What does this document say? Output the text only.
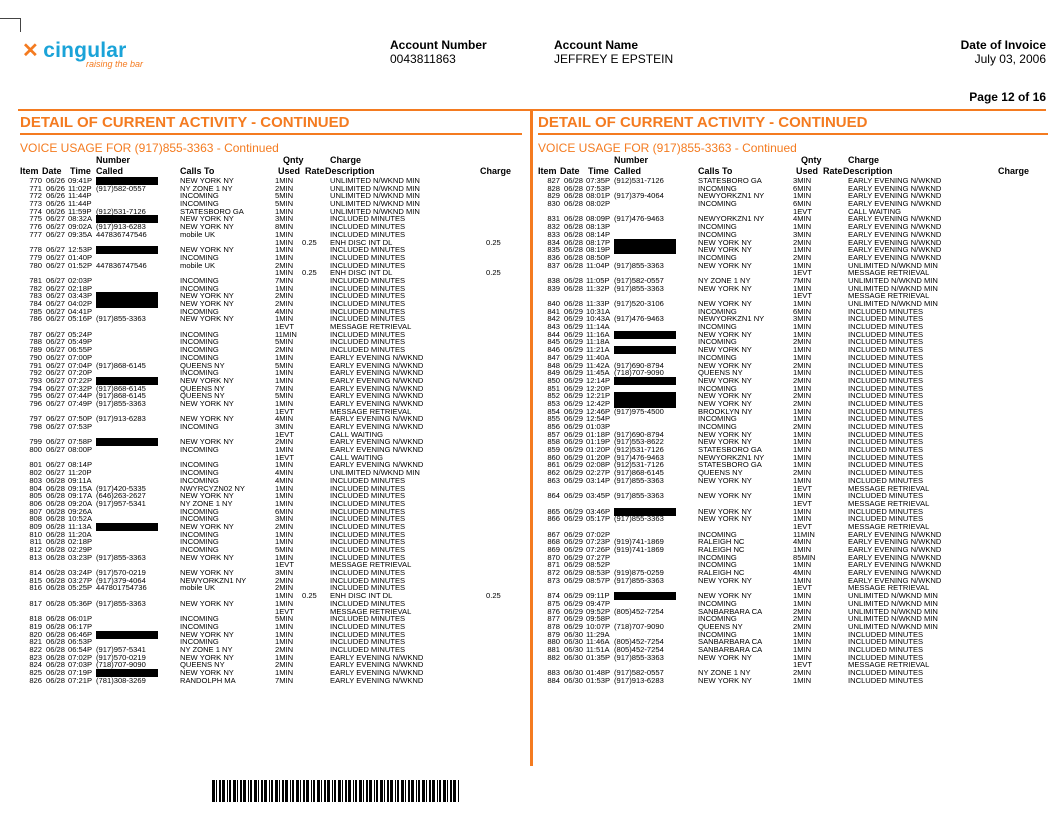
✕ cingular
raising the bar
Account Number
0043811863
Account Name
JEFFREY E EPSTEIN
Date of Invoice
July 03, 2006
Page 12 of 16
DETAIL OF CURRENT ACTIVITY - CONTINUED
VOICE USAGE FOR (917)855-3363 - Continued
Number	Qnty	Charge
Item Date Time Called	Calls To	Used Rate Description	Charge
770 06/26 09:41P	NEW YORK NY	1MIN	UNLIMITED N/WKND MIN
771 06/26 11:02P (917)582-0557	NY ZONE 1 NY	2MIN	UNLIMITED N/WKND MIN
772 06/26 11:44P	INCOMING	5MIN	UNLIMITED N/WKND MIN
773 06/26 11:44P	INCOMING	5MIN	UNLIMITED N/WKND MIN
774 06/26 11:59P (912)531-7126	STATESBORO GA	1MIN	UNLIMITED N/WKND MIN
775 06/27 08:32A	NEW YORK NY	3MIN	INCLUDED MINUTES
776 06/27 09:02A (917)913-6283	NEW YORK NY	8MIN	INCLUDED MINUTES
777 06/27 09:35A 447836747546	mobile UK	1MIN	INCLUDED MINUTES
1MIN 0.25 ENH DISC INT DL	0.25
778 06/27 12:53P	NEW YORK NY	1MIN	INCLUDED MINUTES
779 06/27 01:40P	INCOMING	1MIN	INCLUDED MINUTES
780 06/27 01:52P 447836747546	mobile UK	2MIN	INCLUDED MINUTES
1MIN 0.25 ENH DISC INT DL	0.25
781 06/27 02:03P	INCOMING	7MIN	INCLUDED MINUTES
782 06/27 02:18P	INCOMING	1MIN	INCLUDED MINUTES
783 06/27 03:43P	NEW YORK NY	2MIN	INCLUDED MINUTES
784 06/27 04:02P	NEW YORK NY	2MIN	INCLUDED MINUTES
785 06/27 04:41P	INCOMING	4MIN	INCLUDED MINUTES
786 06/27 05:16P (917)855-3363	NEW YORK NY	1MIN	INCLUDED MINUTES
1EVT	MESSAGE RETRIEVAL
787 06/27 05:24P	INCOMING	11MIN	INCLUDED MINUTES
788 06/27 05:49P	INCOMING	5MIN	INCLUDED MINUTES
789 06/27 06:55P	INCOMING	2MIN	INCLUDED MINUTES
790 06/27 07:00P	INCOMING	1MIN	EARLY EVENING N/WKND
791 06/27 07:04P (917)868-6145	QUEENS NY	5MIN	EARLY EVENING N/WKND
792 06/27 07:20P	INCOMING	1MIN	EARLY EVENING N/WKND
793 06/27 07:22P	NEW YORK NY	1MIN	EARLY EVENING N/WKND
794 06/27 07:32P (917)868-6145	QUEENS NY	7MIN	EARLY EVENING N/WKND
795 06/27 07:44P (917)868-6145	QUEENS NY	5MIN	EARLY EVENING N/WKND
796 06/27 07:49P (917)855-3363	NEW YORK NY	1MIN	EARLY EVENING N/WKND
1EVT	MESSAGE RETRIEVAL
797 06/27 07:50P (917)913-6283	NEW YORK NY	4MIN	EARLY EVENING N/WKND
798 06/27 07:53P	INCOMING	3MIN	EARLY EVENING N/WKND
1EVT	CALL WAITING
799 06/27 07:58P	NEW YORK NY	2MIN	EARLY EVENING N/WKND
800 06/27 08:00P	INCOMING	1MIN	EARLY EVENING N/WKND
1EVT	CALL WAITING
801 06/27 08:14P	INCOMING	1MIN	EARLY EVENING N/WKND
802 06/27 11:20P	INCOMING	4MIN	UNLIMITED N/WKND MIN
803 06/28 09:11A	INCOMING	4MIN	INCLUDED MINUTES
804 06/28 09:15A (917)420-5335	NWYRCYZN02 NY	1MIN	INCLUDED MINUTES
805 06/28 09:17A (646)263-2627	NEW YORK NY	1MIN	INCLUDED MINUTES
806 06/28 09:20A (917)957-5341	NY ZONE 1 NY	1MIN	INCLUDED MINUTES
807 06/28 09:26A	INCOMING	6MIN	INCLUDED MINUTES
808 06/28 10:52A	INCOMING	3MIN	INCLUDED MINUTES
809 06/28 11:13A	NEW YORK NY	2MIN	INCLUDED MINUTES
810 06/28 11:20A	INCOMING	1MIN	INCLUDED MINUTES
811 06/28 02:18P	INCOMING	1MIN	INCLUDED MINUTES
812 06/28 02:29P	INCOMING	5MIN	INCLUDED MINUTES
813 06/28 03:23P (917)855-3363	NEW YORK NY	1MIN	INCLUDED MINUTES
1EVT	MESSAGE RETRIEVAL
814 06/28 03:24P (917)570-0219	NEW YORK NY	3MIN	INCLUDED MINUTES
815 06/28 03:27P (917)379-4064	NEWYORKZN1 NY	2MIN	INCLUDED MINUTES
816 06/28 05:25P 447801754736	mobile UK	2MIN	INCLUDED MINUTES
1MIN 0.25 ENH DISC INT DL	0.25
817 06/28 05:36P (917)855-3363	NEW YORK NY	1MIN	INCLUDED MINUTES
1EVT	MESSAGE RETRIEVAL
818 06/28 06:01P	INCOMING	5MIN	INCLUDED MINUTES
819 06/28 06:17P	INCOMING	1MIN	INCLUDED MINUTES
820 06/28 06:46P	NEW YORK NY	1MIN	INCLUDED MINUTES
821 06/28 06:53P	INCOMING	1MIN	INCLUDED MINUTES
822 06/28 06:54P (917)957-5341	NY ZONE 1 NY	2MIN	INCLUDED MINUTES
823 06/28 07:02P (917)570-0219	NEW YORK NY	1MIN	EARLY EVENING N/WKND
824 06/28 07:03P (718)707-9090	QUEENS NY	2MIN	EARLY EVENING N/WKND
825 06/28 07:19P	NEW YORK NY	1MIN	EARLY EVENING N/WKND
826 06/28 07:21P (781)308-3269	RANDOLPH MA	7MIN	EARLY EVENING N/WKND
DETAIL OF CURRENT ACTIVITY - CONTINUED
VOICE USAGE FOR (917)855-3363 - Continued
Number	Qnty	Charge
Item Date Time Called	Calls To	Used Rate Description	Charge
827 06/28 07:35P (912)531-7126	STATESBORO GA	3MIN	EARLY EVENING N/WKND
828 06/28 07:53P	INCOMING	6MIN	EARLY EVENING N/WKND
829 06/28 08:01P (917)379-4064	NEWYORKZN1 NY	1MIN	EARLY EVENING N/WKND
830 06/28 08:02P	INCOMING	6MIN	EARLY EVENING N/WKND
1EVT	CALL WAITING
831 06/28 08:09P (917)476-9463	NEWYORKZN1 NY	4MIN	EARLY EVENING N/WKND
832 06/28 08:13P	INCOMING	1MIN	EARLY EVENING N/WKND
833 06/28 08:14P	INCOMING	3MIN	EARLY EVENING N/WKND
834 06/28 08:17P	NEW YORK NY	2MIN	EARLY EVENING N/WKND
835 06/28 08:19P	NEW YORK NY	1MIN	EARLY EVENING N/WKND
836 06/28 08:50P	INCOMING	2MIN	EARLY EVENING N/WKND
837 06/28 11:04P (917)855-3363	NEW YORK NY	1MIN	UNLIMITED N/WKND MIN
1EVT	MESSAGE RETRIEVAL
838 06/28 11:05P (917)582-0557	NY ZONE 1 NY	7MIN	UNLIMITED N/WKND MIN
839 06/28 11:32P (917)855-3363	NEW YORK NY	1MIN	UNLIMITED N/WKND MIN
1EVT	MESSAGE RETRIEVAL
840 06/28 11:33P (917)520-3106	NEW YORK NY	1MIN	UNLIMITED N/WKND MIN
841 06/29 10:31A	INCOMING	6MIN	INCLUDED MINUTES
842 06/29 10:43A (917)476-9463	NEWYORKZN1 NY	3MIN	INCLUDED MINUTES
843 06/29 11:14A	INCOMING	1MIN	INCLUDED MINUTES
844 06/29 11:16A	NEW YORK NY	1MIN	INCLUDED MINUTES
845 06/29 11:18A	INCOMING	2MIN	INCLUDED MINUTES
846 06/29 11:21A	NEW YORK NY	1MIN	INCLUDED MINUTES
847 06/29 11:40A	INCOMING	1MIN	INCLUDED MINUTES
848 06/29 11:42A (917)690-8794	NEW YORK NY	2MIN	INCLUDED MINUTES
849 06/29 11:45A (718)707-9090	QUEENS NY	1MIN	INCLUDED MINUTES
850 06/29 12:14P	NEW YORK NY	2MIN	INCLUDED MINUTES
851 06/29 12:20P	INCOMING	1MIN	INCLUDED MINUTES
852 06/29 12:21P	NEW YORK NY	2MIN	INCLUDED MINUTES
853 06/29 12:42P	NEW YORK NY	2MIN	INCLUDED MINUTES
854 06/29 12:46P (917)975-4500	BROOKLYN NY	1MIN	INCLUDED MINUTES
855 06/29 12:54P	INCOMING	1MIN	INCLUDED MINUTES
856 06/29 01:03P	INCOMING	2MIN	INCLUDED MINUTES
857 06/29 01:18P (917)690-8794	NEW YORK NY	1MIN	INCLUDED MINUTES
858 06/29 01:19P (917)553-8622	NEW YORK NY	1MIN	INCLUDED MINUTES
859 06/29 01:20P (912)531-7126	STATESBORO GA	1MIN	INCLUDED MINUTES
860 06/29 01:20P (917)476-9463	NEWYORKZN1 NY	1MIN	INCLUDED MINUTES
861 06/29 02:08P (912)531-7126	STATESBORO GA	1MIN	INCLUDED MINUTES
862 06/29 02:27P (917)868-6145	QUEENS NY	2MIN	INCLUDED MINUTES
863 06/29 03:14P (917)855-3363	NEW YORK NY	1MIN	INCLUDED MINUTES
1EVT	MESSAGE RETRIEVAL
864 06/29 03:45P (917)855-3363	NEW YORK NY	1MIN	INCLUDED MINUTES
1EVT	MESSAGE RETRIEVAL
865 06/29 03:46P	NEW YORK NY	1MIN	INCLUDED MINUTES
866 06/29 05:17P (917)855-3363	NEW YORK NY	1MIN	INCLUDED MINUTES
1EVT	MESSAGE RETRIEVAL
867 06/29 07:02P	INCOMING	11MIN	EARLY EVENING N/WKND
868 06/29 07:23P (919)741-1869	RALEIGH NC	4MIN	EARLY EVENING N/WKND
869 06/29 07:26P (919)741-1869	RALEIGH NC	1MIN	EARLY EVENING N/WKND
870 06/29 07:27P	INCOMING	85MIN	EARLY EVENING N/WKND
871 06/29 08:52P	INCOMING	1MIN	EARLY EVENING N/WKND
872 06/29 08:53P (919)875-0259	RALEIGH NC	4MIN	EARLY EVENING N/WKND
873 06/29 08:57P (917)855-3363	NEW YORK NY	1MIN	EARLY EVENING N/WKND
1EVT	MESSAGE RETRIEVAL
874 06/29 09:11P	NEW YORK NY	1MIN	UNLIMITED N/WKND MIN
875 06/29 09:47P	INCOMING	1MIN	UNLIMITED N/WKND MIN
876 06/29 09:52P (805)452-7254	SANBARBARA CA	2MIN	UNLIMITED N/WKND MIN
877 06/29 09:58P	INCOMING	2MIN	UNLIMITED N/WKND MIN
878 06/29 10:07P (718)707-9090	QUEENS NY	2MIN	UNLIMITED N/WKND MIN
879 06/30 11:29A	INCOMING	1MIN	INCLUDED MINUTES
880 06/30 11:46A (805)452-7254	SANBARBARA CA	1MIN	INCLUDED MINUTES
881 06/30 11:51A (805)452-7254	SANBARBARA CA	1MIN	INCLUDED MINUTES
882 06/30 01:35P (917)855-3363	NEW YORK NY	1MIN	INCLUDED MINUTES
1EVT	MESSAGE RETRIEVAL
883 06/30 01:48P (917)582-0557	NY ZONE 1 NY	2MIN	INCLUDED MINUTES
884 06/30 01:53P (917)913-6283	NEW YORK NY	1MIN	INCLUDED MINUTES
